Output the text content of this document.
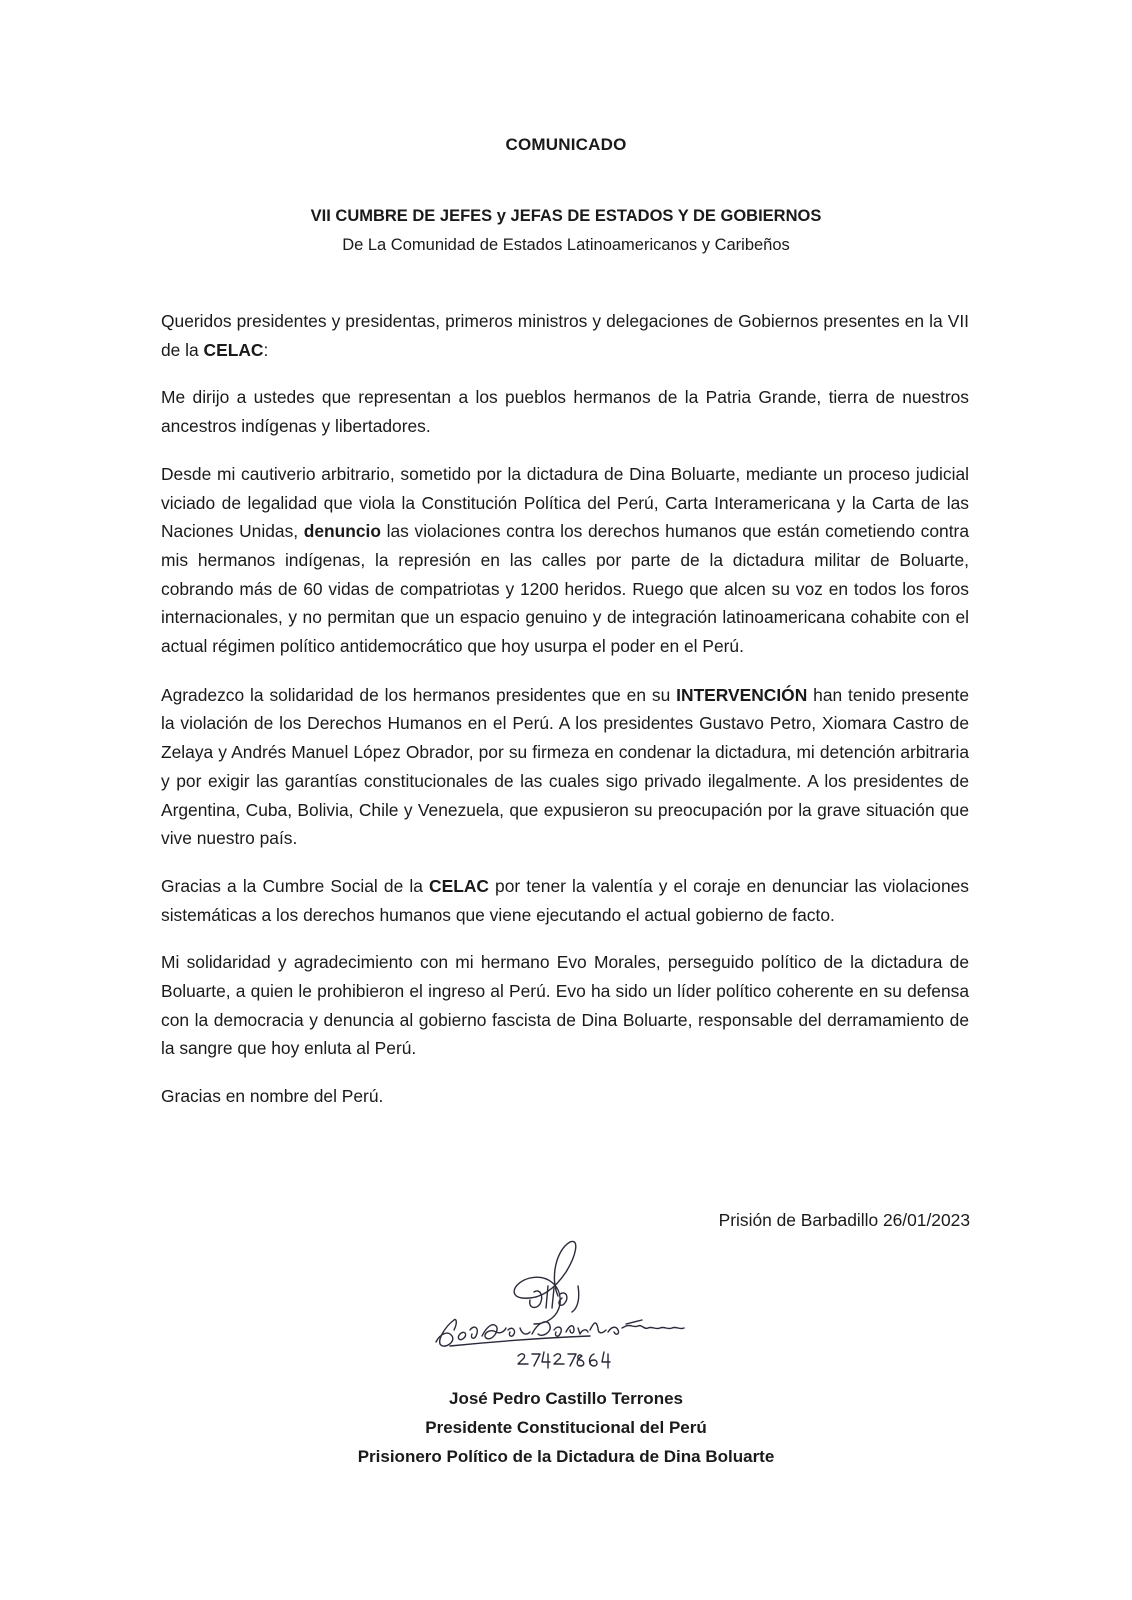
COMUNICADO
VII CUMBRE DE JEFES y JEFAS DE ESTADOS Y DE GOBIERNOS
De La Comunidad de Estados Latinoamericanos y Caribeños

Queridos presidentes y presidentas, primeros ministros y delegaciones de Gobiernos presentes en la VII de la CELAC:

Me dirijo a ustedes que representan a los pueblos hermanos de la Patria Grande, tierra de nuestros ancestros indígenas y libertadores.

Desde mi cautiverio arbitrario, sometido por la dictadura de Dina Boluarte, mediante un proceso judicial viciado de legalidad que viola la Constitución Política del Perú, Carta Interamericana y la Carta de las Naciones Unidas, denuncio las violaciones contra los derechos humanos que están cometiendo contra mis hermanos indígenas, la represión en las calles por parte de la dictadura militar de Boluarte, cobrando más de 60 vidas de compatriotas y 1200 heridos. Ruego que alcen su voz en todos los foros internacionales, y no permitan que un espacio genuino y de integración latinoamericana cohabite con el actual régimen político antidemocrático que hoy usurpa el poder en el Perú.

Agradezco la solidaridad de los hermanos presidentes que en su INTERVENCIÓN han tenido presente la violación de los Derechos Humanos en el Perú. A los presidentes Gustavo Petro, Xiomara Castro de Zelaya y Andrés Manuel López Obrador, por su firmeza en condenar la dictadura, mi detención arbitraria y por exigir las garantías constitucionales de las cuales sigo privado ilegalmente. A los presidentes de Argentina, Cuba, Bolivia, Chile y Venezuela, que expusieron su preocupación por la grave situación que vive nuestro país.

Gracias a la Cumbre Social de la CELAC por tener la valentía y el coraje en denunciar las violaciones sistemáticas a los derechos humanos que viene ejecutando el actual gobierno de facto.

Mi solidaridad y agradecimiento con mi hermano Evo Morales, perseguido político de la dictadura de Boluarte, a quien le prohibieron el ingreso al Perú. Evo ha sido un líder político coherente en su defensa con la democracia y denuncia al gobierno fascista de Dina Boluarte, responsable del derramamiento de la sangre que hoy enluta al Perú.

Gracias en nombre del Perú.

Prisión de Barbadillo 26/01/2023
José Pedro Castillo Terrones
Presidente Constitucional del Perú
Prisionero Político de la Dictadura de Dina Boluarte
